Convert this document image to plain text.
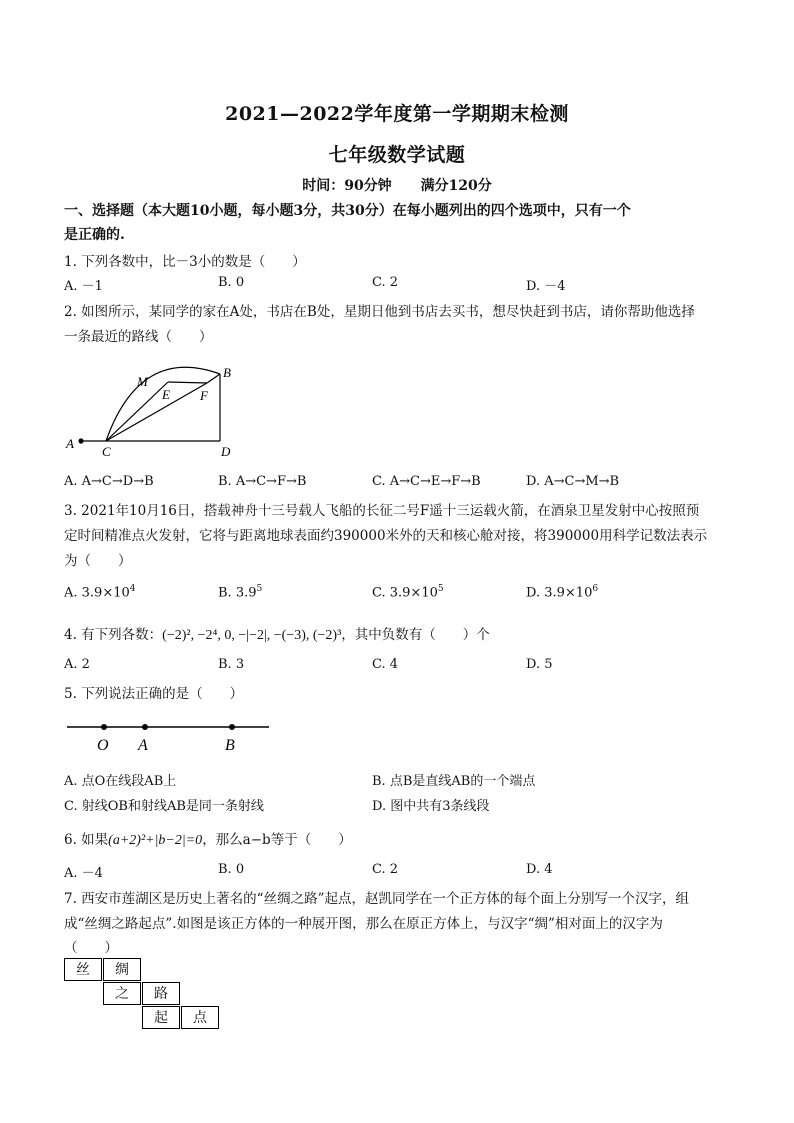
2021—2022学年度第一学期期末检测
七年级数学试题
时间：90分钟 满分120分
一、选择题（本大题10小题，每小题3分，共30分）在每小题列出的四个选项中，只有一个
是正确的.
1. 下列各数中，比－3小的数是（　　）
A. －1	B. 0	C. 2	D. －4
2. 如图所示，某同学的家在A处，书店在B处，星期日他到书店去买书，想尽快赶到书店，请你帮助他选择
一条最近的路线（　　）
M
B
E F
A
C	D
A. A→C→D→B	B. A→C→F→B	C. A→C→E→F→B	D. A→C→M→B
3. 2021年10月16日，搭载神舟十三号载人飞船的长征二号F遥十三运载火箭，在酒泉卫星发射中心按照预
定时间精准点火发射，它将与距离地球表面约390000米外的天和核心舱对接，将390000用科学记数法表示
为（　　）
A. $3.9\times 10^4$	B. $3.9^5$	C. $3.9\times 10^5$	D. $3.9\times 10^6$
4. 有下列各数：(−2)², −2⁴, 0, −|−2|, −(−3), (−2)³，其中负数有（　　）个
A. 2	B. 3	C. 4	D. 5
5. 下列说法正确的是（　　）
O A	B
A. 点O在线段AB上	B. 点B是直线AB的一个端点
C. 射线OB和射线AB是同一条射线	D. 图中共有3条线段
6. 如果(a+2)²+|b−2|=0，那么a−b等于（　　）
A. －4	B. 0	C. 2	D. 4
7. 西安市莲湖区是历史上著名的“丝绸之路”起点，赵凯同学在一个正方体的每个面上分别写一个汉字，组
成“丝绸之路起点”.如图是该正方体的一种展开图，那么在原正方体上，与汉字“绸”相对面上的汉字为
（　　）
丝	绸
之	路
起	点
